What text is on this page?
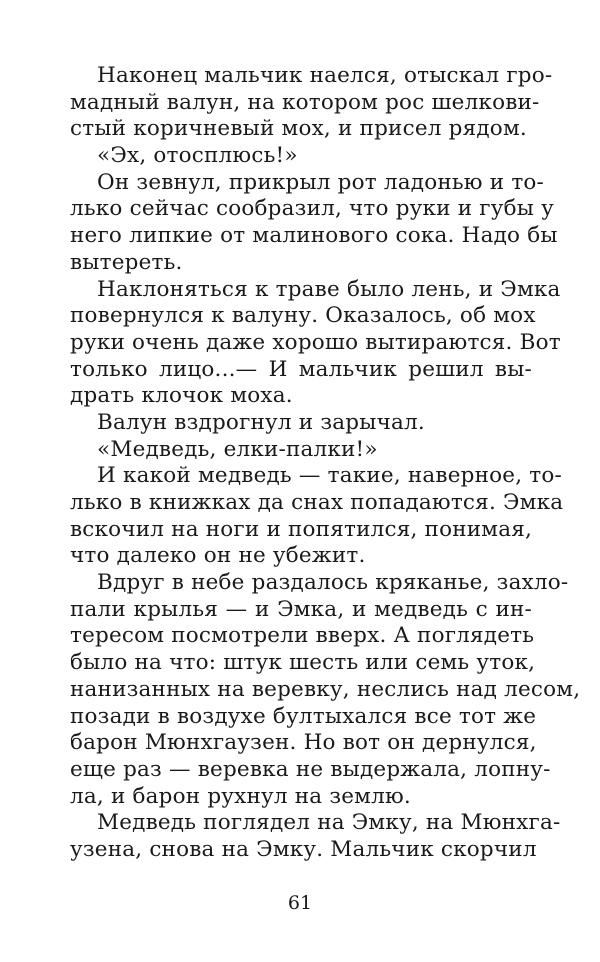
Наконец мальчик наелся, отыскал гро-
мадный валун, на котором рос шелкови-
стый коричневый мох, и присел рядом.
«Эх, отосплюсь!»
Он зевнул, прикрыл рот ладонью и то-
лько сейчас сообразил, что руки и губы у
него липкие от малинового сока. Надо бы
вытереть.
Наклоняться к траве было лень, и Эмка
повернулся к валуну. Оказалось, об мох
руки очень даже хорошо вытираются. Вот
только лицо...— И мальчик решил вы-
драть клочок моха.
Валун вздрогнул и зарычал.
«Медведь, елки-палки!»
И какой медведь — такие, наверное, то-
лько в книжках да снах попадаются. Эмка
вскочил на ноги и попятился, понимая,
что далеко он не убежит.
Вдруг в небе раздалось кряканье, захло-
пали крылья — и Эмка, и медведь с ин-
тересом посмотрели вверх. А поглядеть
было на что: штук шесть или семь уток,
нанизанных на веревку, неслись над лесом,
позади в воздухе бултыхался все тот же
барон Мюнхгаузен. Но вот он дернулся,
еще раз — веревка не выдержала, лопну-
ла, и барон рухнул на землю.
Медведь поглядел на Эмку, на Мюнхга-
узена, снова на Эмку. Мальчик скорчил
61
